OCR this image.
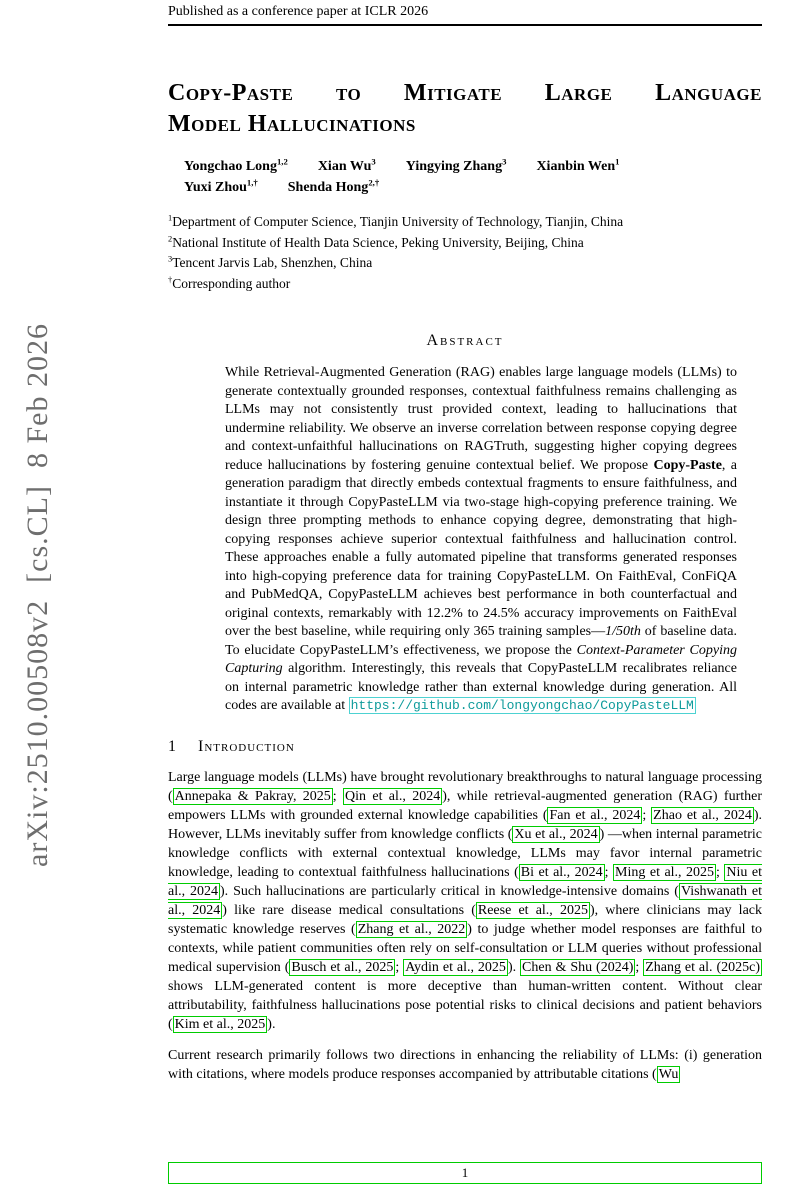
arXiv:2510.00508v2  [cs.CL]  8 Feb 2026
Published as a conference paper at ICLR 2026
Copy-Paste to Mitigate Large Language
Model Hallucinations
Yongchao Long$^{1,2}$ Xian Wu$^3$ Yingying Zhang$^3$ Xianbin Wen$^1$
Yuxi Zhou$^{1,\dagger}$ Shenda Hong$^{2,\dagger}$
$^1$Department of Computer Science, Tianjin University of Technology, Tianjin, China
$^2$National Institute of Health Data Science, Peking University, Beijing, China
$^3$Tencent Jarvis Lab, Shenzhen, China
†Corresponding author
Abstract

While Retrieval-Augmented Generation (RAG) enables large language models (LLMs) to generate contextually grounded responses, contextual faithfulness remains challenging as LLMs may not consistently trust provided context, leading to hallucinations that undermine reliability. We observe an inverse correlation between response copying degree and context-unfaithful hallucinations on RAGTruth, suggesting higher copying degrees reduce hallucinations by fostering genuine contextual belief. We propose Copy-Paste, a generation paradigm that directly embeds contextual fragments to ensure faithfulness, and instantiate it through CopyPasteLLM via two-stage high-copying preference training. We design three prompting methods to enhance copying degree, demonstrating that high-copying responses achieve superior contextual faithfulness and hallucination control. These approaches enable a fully automated pipeline that transforms generated responses into high-copying preference data for training CopyPasteLLM. On FaithEval, ConFiQA and PubMedQA, CopyPasteLLM achieves best performance in both counterfactual and original contexts, remarkably with 12.2% to 24.5% accuracy improvements on FaithEval over the best baseline, while requiring only 365 training samples—1/50th of baseline data. To elucidate CopyPasteLLM’s effectiveness, we propose the Context-Parameter Copying Capturing algorithm. Interestingly, this reveals that CopyPasteLLM recalibrates reliance on internal parametric knowledge rather than external knowledge during generation. All codes are available at https://github.com/longyongchao/CopyPasteLLM

1 Introduction

Large language models (LLMs) have brought revolutionary breakthroughs to natural language processing ( Annepaka & Pakray, 2025 ; Qin et al., 2024 ), while retrieval-augmented generation (RAG) further empowers LLMs with grounded external knowledge capabilities ( Fan et al., 2024 ; Zhao et al., 2024 ). However, LLMs inevitably suffer from knowledge conflicts ( Xu et al., 2024 ) —when internal parametric knowledge conflicts with external contextual knowledge, LLMs may favor internal parametric knowledge, leading to contextual faithfulness hallucinations ( Bi et al., 2024 ; Ming et al., 2025 ; Niu et al., 2024 ). Such hallucinations are particularly critical in knowledge-intensive domains ( Vishwanath et al., 2024 ) like rare disease medical consultations ( Reese et al., 2025 ), where clinicians may lack systematic knowledge reserves ( Zhang et al., 2022 ) to judge whether model responses are faithful to contexts, while patient communities often rely on self-consultation or LLM queries without professional medical supervision ( Busch et al., 2025 ; Aydin et al., 2025 ). Chen & Shu (2024) ; Zhang et al. (2025c) shows LLM-generated content is more deceptive than human-written content. Without clear attributability, faithfulness hallucinations pose potential risks to clinical decisions and patient behaviors ( Kim et al., 2025 ).

Current research primarily follows two directions in enhancing the reliability of LLMs: (i) generation with citations, where models produce responses accompanied by attributable citations ( Wu

1
